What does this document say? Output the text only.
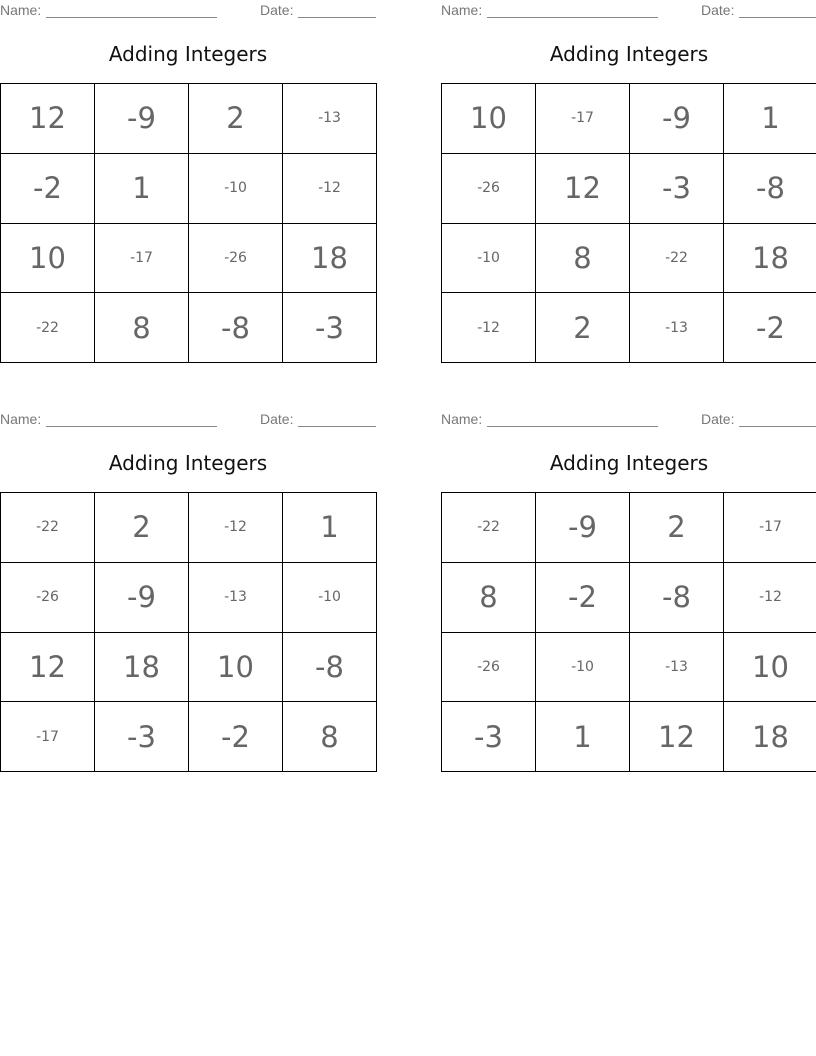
Name:	Date:
Adding Integers
12	-9	2	-13
-2	1	-10	-12
10	-17	-26	18
-22	8	-8	-3
Name:	Date:
Adding Integers
10	-17	-9	1
-26	12	-3	-8
-10	8	-22	18
-12	2	-13	-2
Name:	Date:
Adding Integers
-22	2	-12	1
-26	-9	-13	-10
12	18	10	-8
-17	-3	-2	8
Name:	Date:
Adding Integers
-22	-9	2	-17
8	-2	-8	-12
-26	-10	-13	10
-3	1	12	18
